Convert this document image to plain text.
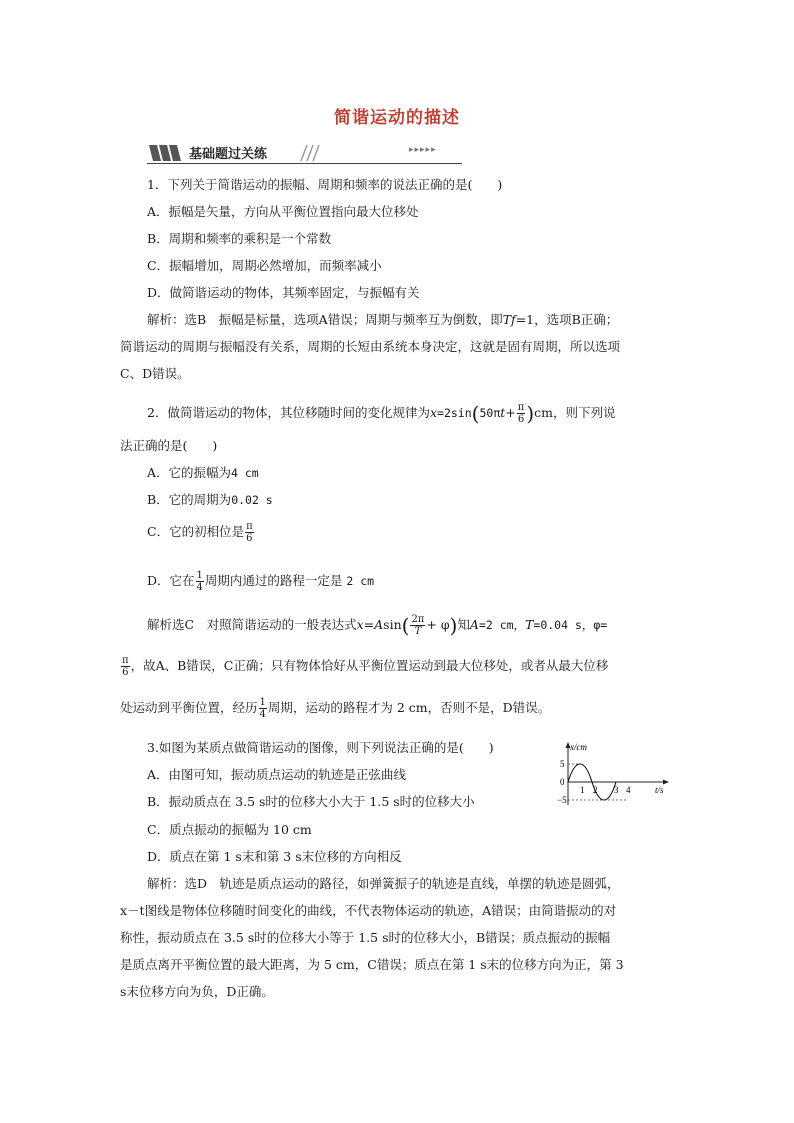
简谐运动的描述
基础题过关练	▸▸▸▸▸
1．下列关于简谐运动的振幅、周期和频率的说法正确的是(　　)
A．振幅是矢量，方向从平衡位置指向最大位移处
B．周期和频率的乘积是一个常数
C．振幅增加，周期必然增加，而频率减小
D．做简谐运动的物体，其频率固定，与振幅有关
解析：选B　振幅是标量，选项A错误；周期与频率互为倒数，即Tf=1，选项B正确；
简谐运动的周期与振幅没有关系，周期的长短由系统本身决定，这就是固有周期，所以选项
C、D错误。
2．做简谐运动的物体，其位移随时间的变化规律为$x=2\sin(50\pi t+ \frac{\pi}{6} )cm$，则下列说
法正确的是(　　)
A．它的振幅为4 cm
B．它的周期为0.02 s
C．它的初相位是 $\frac{\pi}{6}$
D．它在 $\frac{1}{4}$ 周期内通过的路程一定是 2 cm
解析选C　对照简谐运动的一般表达式$x=Asin( \frac{2\pi}{T} + \varphi)$知A=2 cm，T=0.04 s，φ=
$\frac{\pi}{6}$ ，故A、B错误，C正确；只有物体恰好从平衡位置运动到最大位移处，或者从最大位移
处运动到平衡位置，经历 $\frac{1}{4}$ 周期，运动的路程才为 2 cm，否则不是，D错误。
3.如图为某质点做简谐运动的图像，则下列说法正确的是(　　)
A．由图可知，振动质点运动的轨迹是正弦曲线
B．振动质点在 3.5 s时的位移大小大于 1.5 s时的位移大小
C．质点振动的振幅为 10 cm
D．质点在第 1 s末和第 3 s末位移的方向相反
解析：选D　轨迹是质点运动的路径，如弹簧振子的轨迹是直线，单摆的轨迹是圆弧，
x－t图线是物体位移随时间变化的曲线，不代表物体运动的轨迹，A错误；由简谐振动的对
称性，振动质点在 3.5 s时的位移大小等于 1.5 s时的位移大小，B错误；质点振动的振幅
是质点离开平衡位置的最大距离，为 5 cm，C错误；质点在第 1 s末的位移方向为正，第 3
s末位移方向为负，D正确。
x/cm
t/s
5
0
−5
1 2 3 4
